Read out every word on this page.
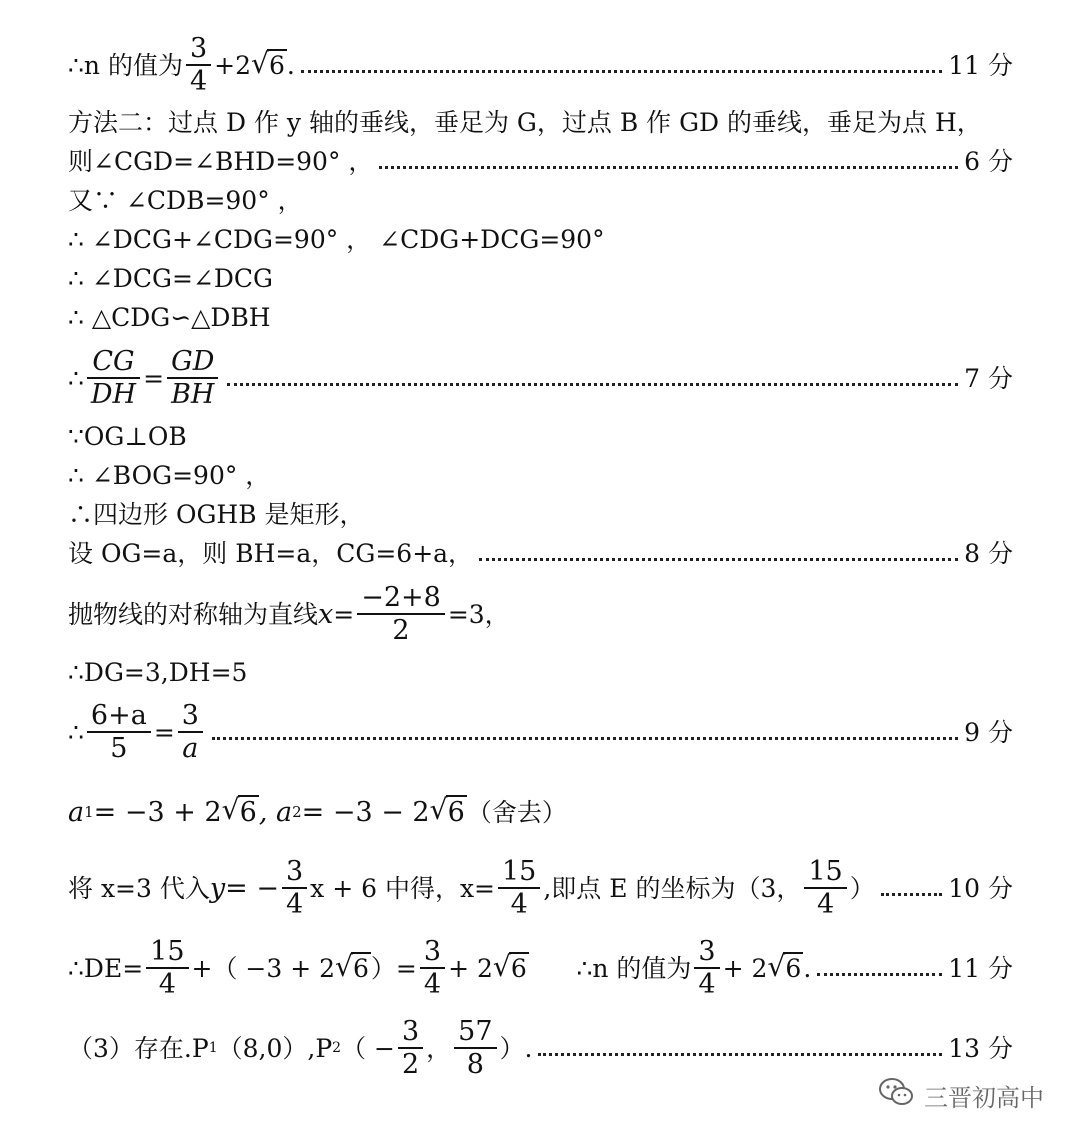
∴n 的值为 $\frac{3}{4} +2$ √ 6 .	11 分
方法二：过点 D 作 y 轴的垂线，垂足为 G，过点 B 作 GD 的垂线，垂足为点 H，
则∠CGD=∠BHD=90° ，	6 分
又∵ ∠CDB=90° ，
∴ ∠DCG+∠CDG=90° ， ∠CDG+DCG=90°
∴ ∠DCG=∠DCG
∴ △CDG∽△DBH
∴ $\frac{CG}{DH} = \frac{GD}{BH}$	7 分
∵OG⊥OB
∴ ∠BOG=90° ，
∴四边形 OGHB 是矩形，
设 OG=a，则 BH=a，CG=6+a，	8 分
抛物线的对称轴为直线 $x = \frac{-2+8}{2} =3$，
∴DG=3,DH=5
∴ $\frac{6+a}{5} = \frac{3}{a}$	9 分
a 1 = −3 + 2 √ 6 , a 2 = −3 − 2 √ 6 （舍去）
将 x=3 代入 y = − $\frac{3}{4}$ x + 6 中得，$x= \frac{15}{4}$ ,即点 E 的坐标为（3， $\frac{15}{4}$ ）	10 分
∴DE= $\frac{15}{4}$ +（ −3 + 2 √ 6 ）= $\frac{3}{4} + 2$ √ 6 ∴n 的值为 $\frac{3}{4} + 2$ √ 6 .	11 分
（3）存在.P 1 （8,0）,P 2 （ − $\frac{3}{2}$ ， $\frac{57}{8}$ ）.	13 分
三晋初高中
